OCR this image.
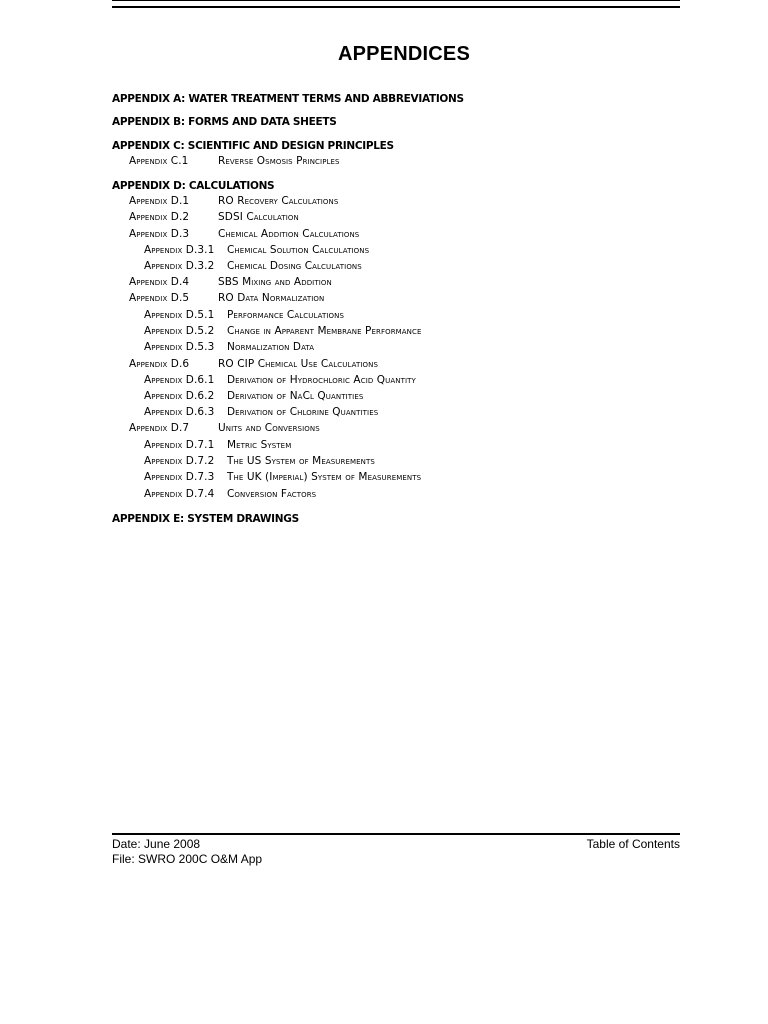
APPENDICES
APPENDIX A: WATER TREATMENT TERMS AND ABBREVIATIONS
APPENDIX B: FORMS AND DATA SHEETS
APPENDIX C: SCIENTIFIC AND DESIGN PRINCIPLES
Appendix C.1	Reverse Osmosis Principles
APPENDIX D: CALCULATIONS
Appendix D.1	RO Recovery Calculations
Appendix D.2	SDSI Calculation
Appendix D.3	Chemical Addition Calculations
Appendix D.3.1 Chemical Solution Calculations
Appendix D.3.2 Chemical Dosing Calculations
Appendix D.4	SBS Mixing and Addition
Appendix D.5	RO Data Normalization
Appendix D.5.1 Performance Calculations
Appendix D.5.2 Change in Apparent Membrane Performance
Appendix D.5.3 Normalization Data
Appendix D.6	RO CIP Chemical Use Calculations
Appendix D.6.1 Derivation of Hydrochloric Acid Quantity
Appendix D.6.2 Derivation of NaCl Quantities
Appendix D.6.3 Derivation of Chlorine Quantities
Appendix D.7	Units and Conversions
Appendix D.7.1 Metric System
Appendix D.7.2 The US System of Measurements
Appendix D.7.3 The UK (Imperial) System of Measurements
Appendix D.7.4 Conversion Factors
APPENDIX E: SYSTEM DRAWINGS
Date: June 2008
File: SWRO 200C O&M App
Table of Contents
